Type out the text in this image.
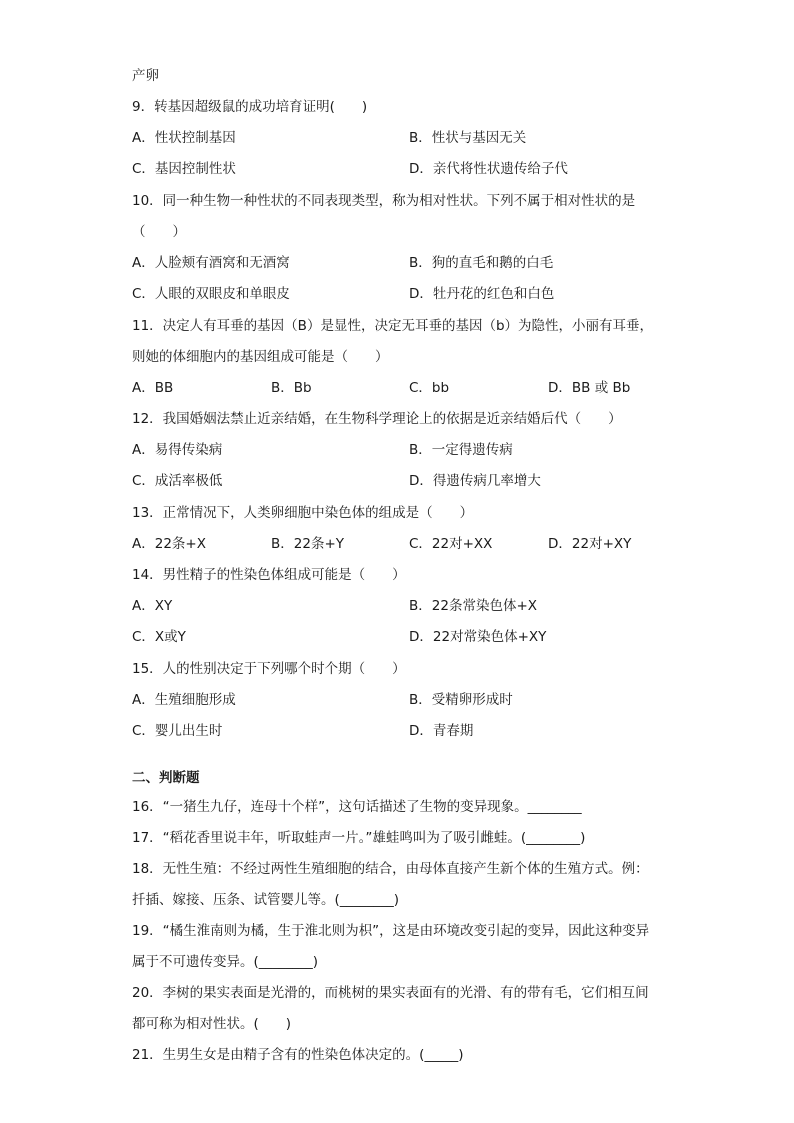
产卵
9．转基因超级鼠的成功培育证明(　　)
A．性状控制基因	B．性状与基因无关
C．基因控制性状	D．亲代将性状遗传给子代
10．同一种生物一种性状的不同表现类型，称为相对性状。下列不属于相对性状的是
（　　）
A．人脸颊有酒窝和无酒窝	B．狗的直毛和鹅的白毛
C．人眼的双眼皮和单眼皮	D．牡丹花的红色和白色
11．决定人有耳垂的基因（B）是显性，决定无耳垂的基因（b）为隐性，小丽有耳垂，
则她的体细胞内的基因组成可能是（　　）
A．BB	B．Bb	C．bb	D．BB 或 Bb
12．我国婚姻法禁止近亲结婚，在生物科学理论上的依据是近亲结婚后代（　　）
A．易得传染病	B．一定得遗传病
C．成活率极低	D．得遗传病几率增大
13．正常情况下，人类卵细胞中染色体的组成是（　　）
A．22条+X	B．22条+Y	C．22对+XX	D．22对+XY
14．男性精子的性染色体组成可能是（　　）
A．XY	B．22条常染色体+X
C．X或Y	D．22对常染色体+XY
15．人的性别决定于下列哪个时个期（　　）
A．生殖细胞形成	B．受精卵形成时
C．婴儿出生时	D．青春期
二、判断题
16．“一猪生九仔，连母十个样”，这句话描述了生物的变异现象。________
17．“稻花香里说丰年，听取蛙声一片。”雄蛙鸣叫为了吸引雌蛙。(________)
18．无性生殖：不经过两性生殖细胞的结合，由母体直接产生新个体的生殖方式。例：
扦插、嫁接、压条、试管婴儿等。(________)
19．“橘生淮南则为橘，生于淮北则为枳”，这是由环境改变引起的变异，因此这种变异
属于不可遗传变异。(________)
20．李树的果实表面是光滑的，而桃树的果实表面有的光滑、有的带有毛，它们相互间
都可称为相对性状。(　　)
21．生男生女是由精子含有的性染色体决定的。(_____)
